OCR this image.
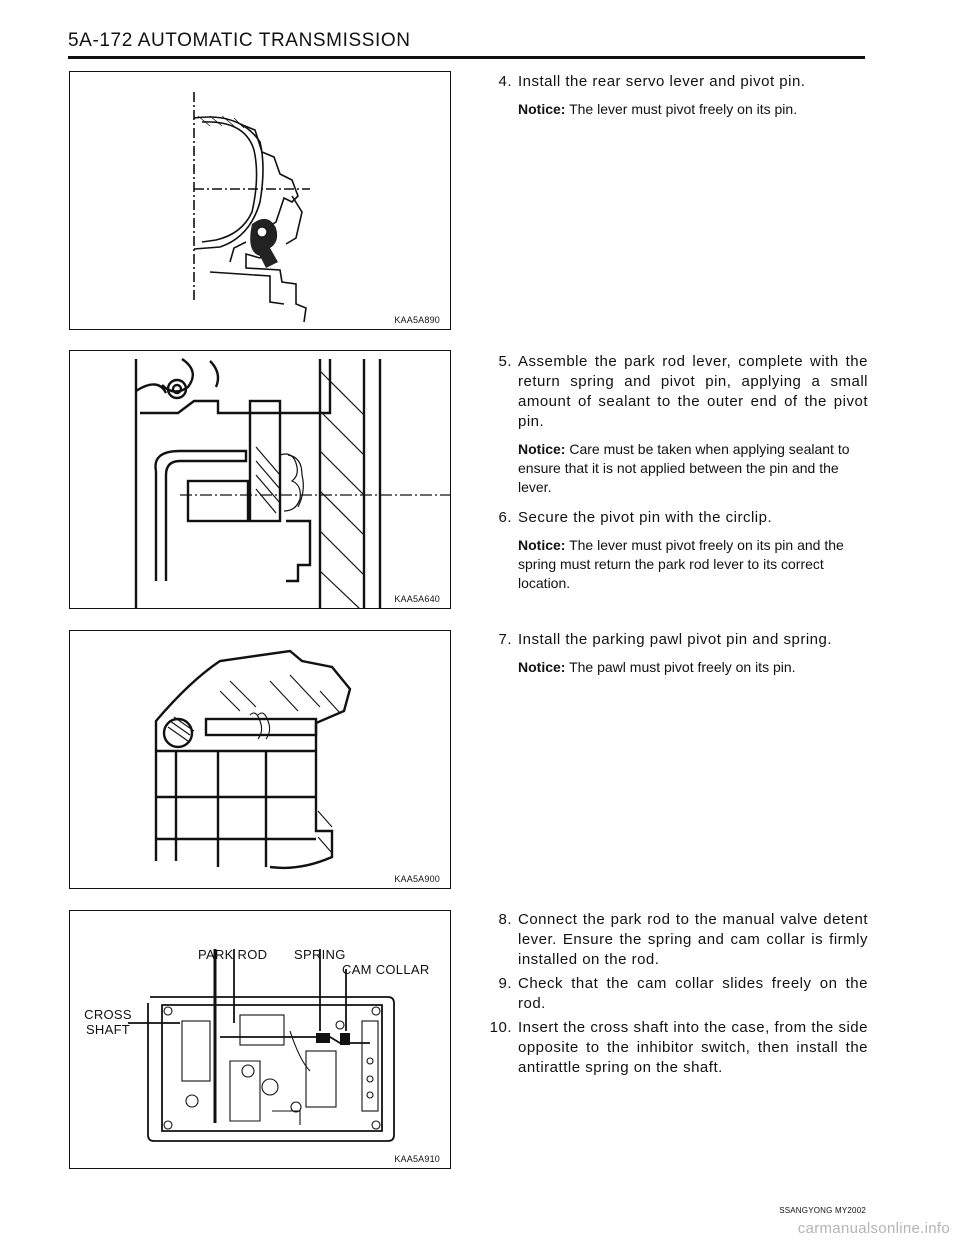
5A-172 AUTOMATIC TRANSMISSION
KAA5A890
KAA5A640
KAA5A900
PARK ROD SPRING
CAM COLLAR
CROSS
SHAFT
KAA5A910
4. Install the rear servo lever and pivot pin.
Notice: The lever must pivot freely on its pin.
5. Assemble the park rod lever, complete with the return spring and pivot pin, applying a small amount of sealant to the outer end of the pivot pin.
Notice: Care must be taken when applying sealant to ensure that it is not applied between the pin and the lever.
6. Secure the pivot pin with the circlip.
Notice: The lever must pivot freely on its pin and the spring must return the park rod lever to its correct location.
7. Install the parking pawl pivot pin and spring.
Notice: The pawl must pivot freely on its pin.
8. Connect the park rod to the manual valve detent lever. Ensure the spring and cam collar is firmly installed on the rod.
9. Check that the cam collar slides freely on the rod.
10. Insert the cross shaft into the case, from the side opposite to the inhibitor switch, then install the antirattle spring on the shaft.
SSANGYONG MY2002
carmanualsonline.info
